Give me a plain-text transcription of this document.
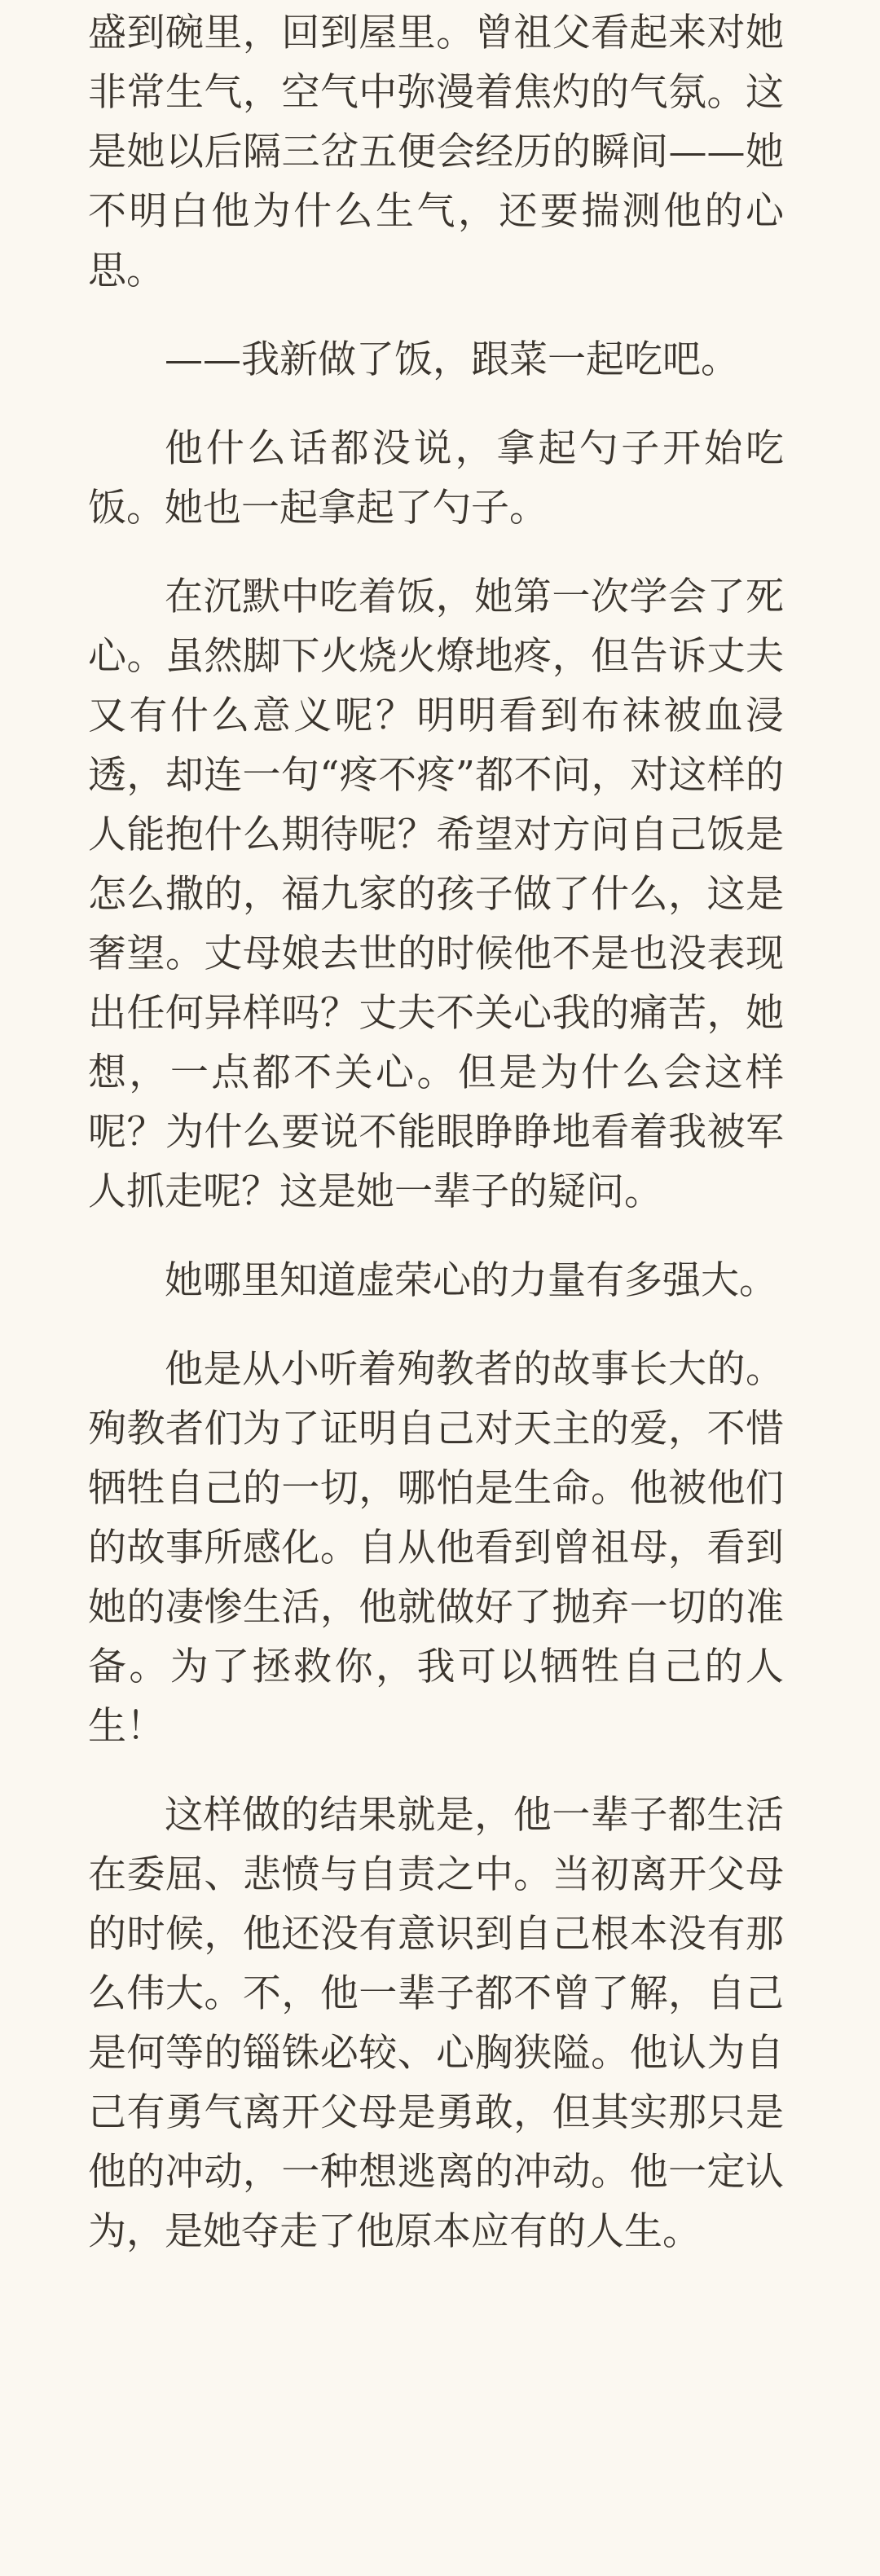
盛到碗里，回到屋里。曾祖父看起来对她非常生气，空气中弥漫着焦灼的气氛。这是她以后隔三岔五便会经历的瞬间——她不明白他为什么生气，还要揣测他的心思。

——我新做了饭，跟菜一起吃吧。

他什么话都没说，拿起勺子开始吃饭。她也一起拿起了勺子。

在沉默中吃着饭，她第一次学会了死心。虽然脚下火烧火燎地疼，但告诉丈夫又有什么意义呢？明明看到布袜被血浸透，却连一句“疼不疼”都不问，对这样的人能抱什么期待呢？希望对方问自己饭是怎么撒的，福九家的孩子做了什么，这是奢望。丈母娘去世的时候他不是也没表现出任何异样吗？丈夫不关心我的痛苦，她想，一点都不关心。但是为什么会这样呢？为什么要说不能眼睁睁地看着我被军人抓走呢？这是她一辈子的疑问。

她哪里知道虚荣心的力量有多强大。

他是从小听着殉教者的故事长大的。殉教者们为了证明自己对天主的爱，不惜牺牲自己的一切，哪怕是生命。他被他们的故事所感化。自从他看到曾祖母，看到她的凄惨生活，他就做好了抛弃一切的准备。为了拯救你，我可以牺牲自己的人生！

这样做的结果就是，他一辈子都生活在委屈、悲愤与自责之中。当初离开父母的时候，他还没有意识到自己根本没有那么伟大。不，他一辈子都不曾了解，自己是何等的锱铢必较、心胸狭隘。他认为自己有勇气离开父母是勇敢，但其实那只是他的冲动，一种想逃离的冲动。他一定认为，是她夺走了他原本应有的人生。
